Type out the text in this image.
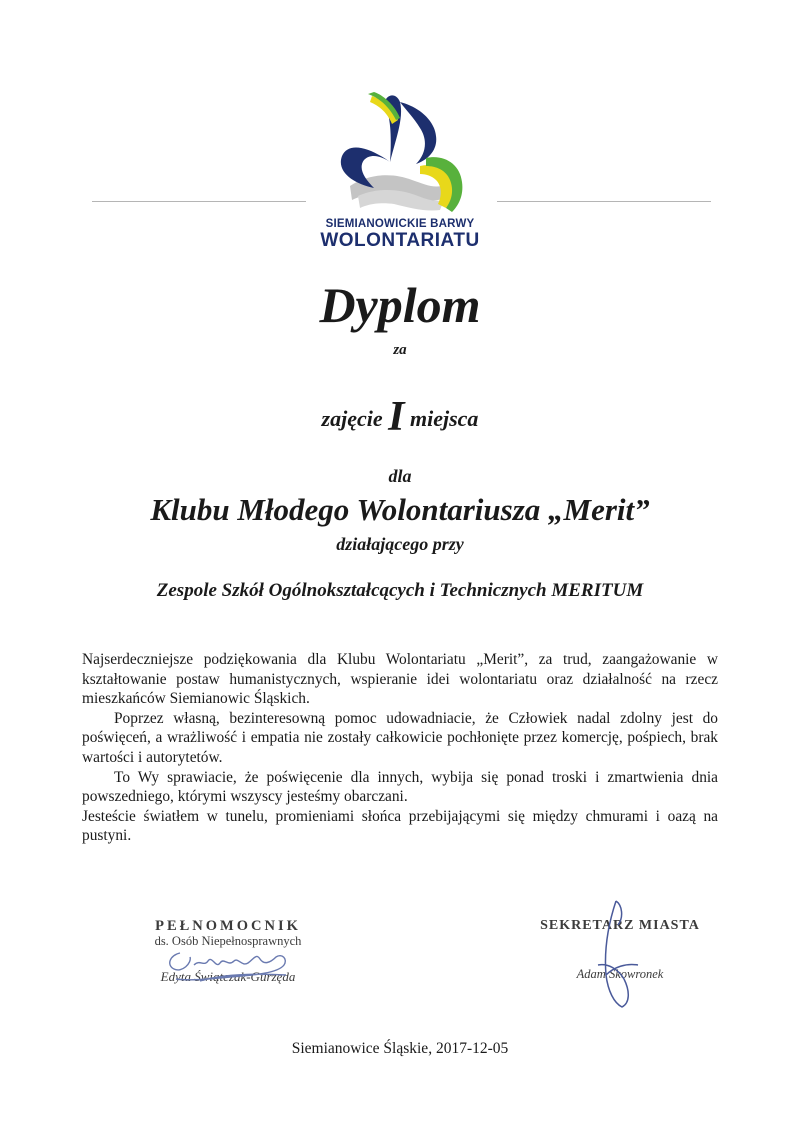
SIEMIANOWICKIE BARWY
WOLONTARIATU
Dyplom
za
zajęcie I miejsca
dla
Klubu Młodego Wolontariusza „Merit”
działającego przy
Zespole Szkół Ogólnokształcących i Technicznych MERITUM

Najserdeczniejsze podziękowania dla Klubu Wolontariatu „Merit”, za trud, zaangażowanie w kształtowanie postaw humanistycznych, wspieranie idei wolontariatu oraz działalność na rzecz mieszkańców Siemianowic Śląskich.

Poprzez własną, bezinteresowną pomoc udowadniacie, że Człowiek nadal zdolny jest do poświęceń, a wrażliwość i empatia nie zostały całkowicie pochłonięte przez komercję, pośpiech, brak wartości i autorytetów.

To Wy sprawiacie, że poświęcenie dla innych, wybija się ponad troski i zmartwienia dnia powszedniego, którymi wszyscy jesteśmy obarczani.

Jesteście światłem w tunelu, promieniami słońca przebijającymi się między chmurami i oazą na pustyni.

PEŁNOMOCNIK
ds. Osób Niepełnosprawnych
Edyta Świątczak-Gurzęda
SEKRETARZ MIASTA
Adam Skowronek
Siemianowice Śląskie, 2017-12-05
